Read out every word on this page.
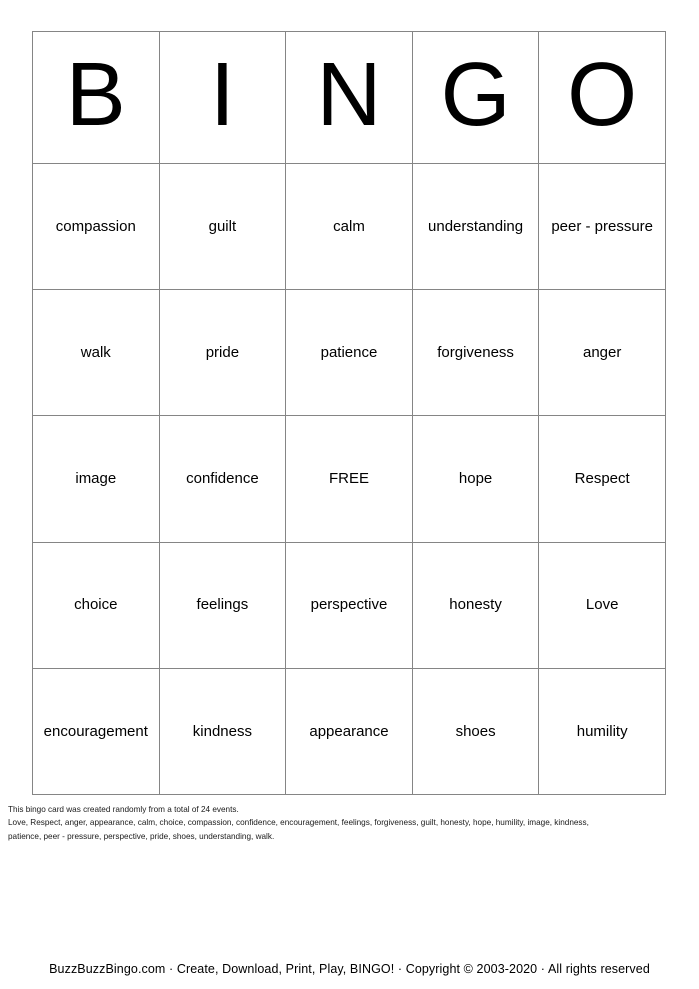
B I N G O
compassion	guilt	calm	understanding	peer - pressure
walk	pride	patience	forgiveness	anger
image	confidence	FREE	hope	Respect
choice	feelings	perspective	honesty	Love
encouragement	kindness	appearance	shoes	humility
This bingo card was created randomly from a total of 24 events.
Love, Respect, anger, appearance, calm, choice, compassion, confidence, encouragement, feelings, forgiveness, guilt, honesty, hope, humility, image, kindness,
patience, peer - pressure, perspective, pride, shoes, understanding, walk.
BuzzBuzzBingo.com · Create, Download, Print, Play, BINGO! · Copyright © 2003-2020 · All rights reserved
